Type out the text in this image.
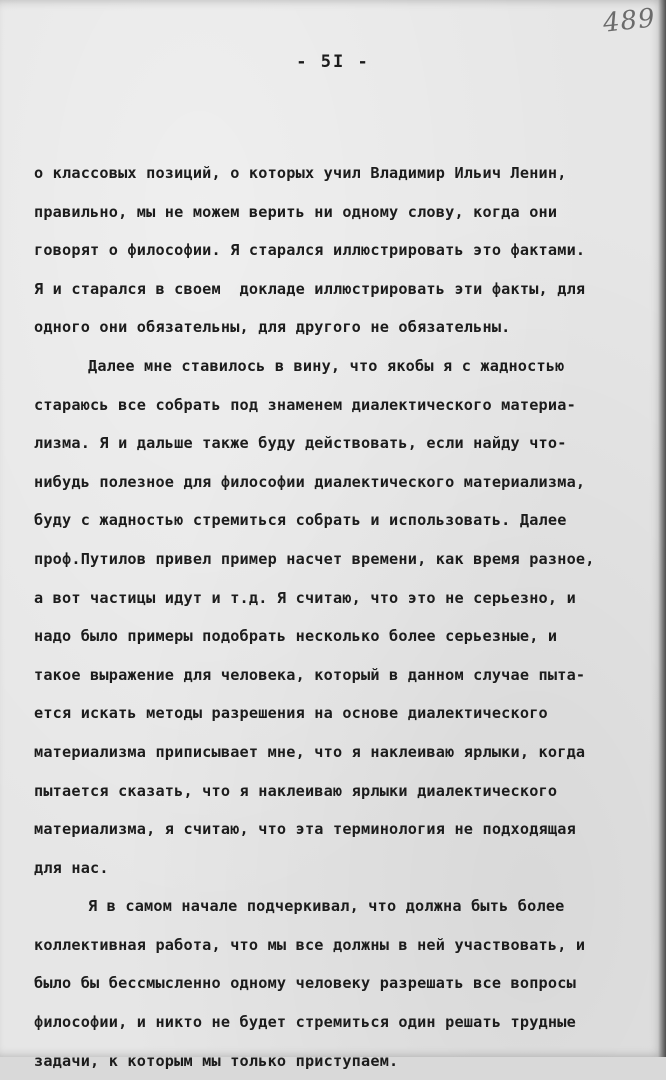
489
- 5I -
о классовых позиций, о которых учил Владимир Ильич Ленин,
правильно, мы не можем верить ни одному слову, когда они
говорят о философии. Я старался иллюстрировать это фактами.
Я и старался в своем  докладе иллюстрировать эти факты, для
одного они обязательны, для другого не обязательны.
Далее мне ставилось в вину, что якобы я с жадностью
стараюсь все собрать под знаменем диалектического материа-
лизма. Я и дальше также буду действовать, если найду что-
нибудь полезное для философии диалектического материализма,
буду с жадностью стремиться собрать и использовать. Далее
проф.Путилов привел пример насчет времени, как время разное,
а вот частицы идут и т.д. Я считаю, что это не серьезно, и
надо было примеры подобрать несколько более серьезные, и
такое выражение для человека, который в данном случае пыта-
ется искать методы разрешения на основе диалектического
материализма приписывает мне, что я наклеиваю ярлыки, когда
пытается сказать, что я наклеиваю ярлыки диалектического
материализма, я считаю, что эта терминология не подходящая
для нас.
Я в самом начале подчеркивал, что должна быть более
коллективная работа, что мы все должны в ней участвовать, и
было бы бессмысленно одному человеку разрешать все вопросы
философии, и никто не будет стремиться один решать трудные
задачи, к которым мы только приступаем.
